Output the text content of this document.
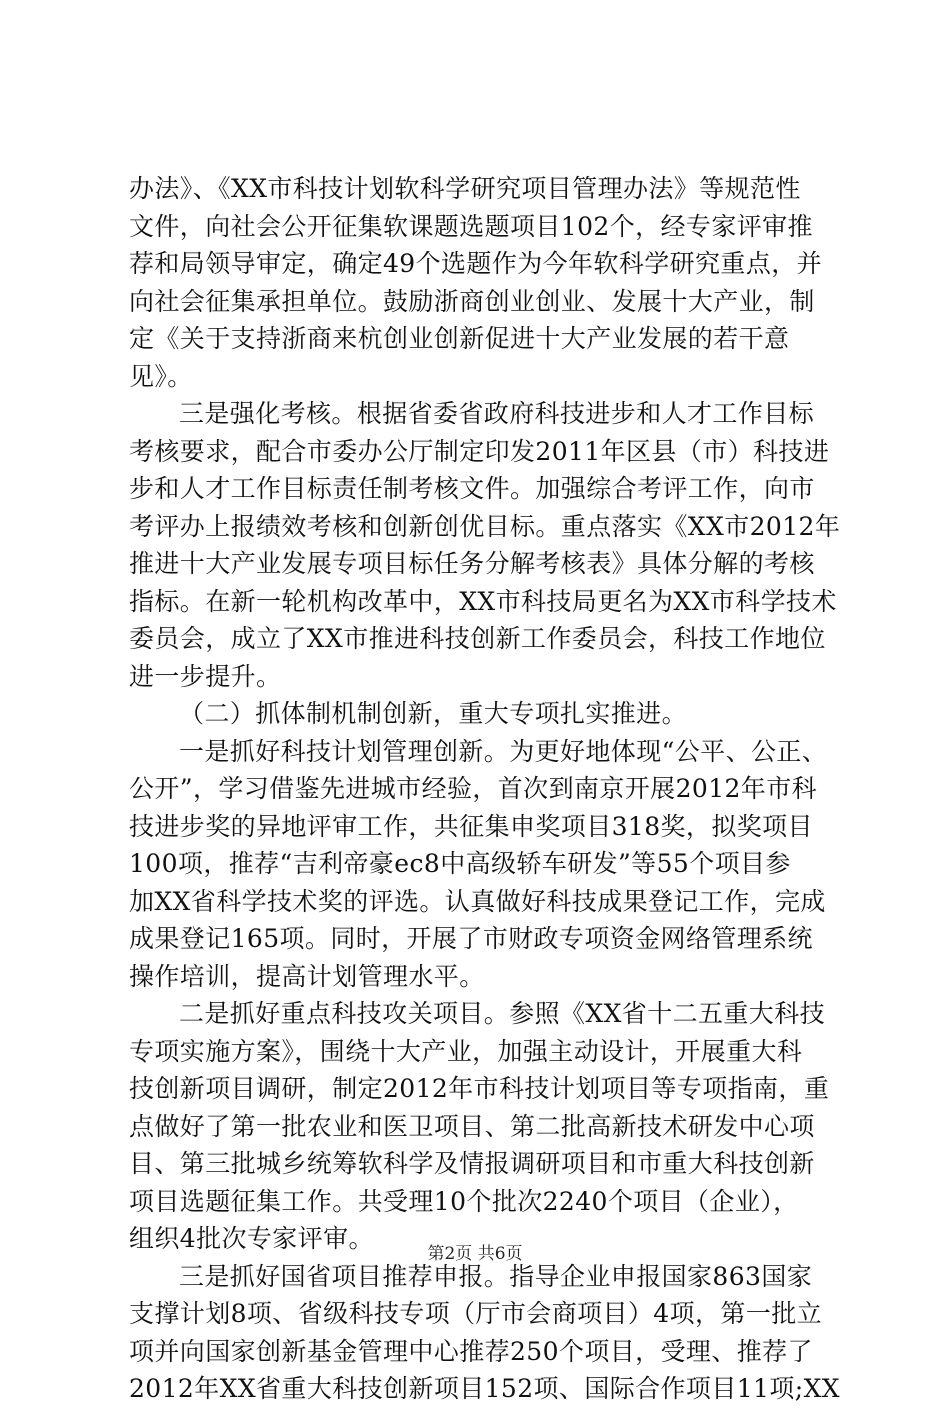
办法》、《XX市科技计划软科学研究项目管理办法》等规范性
文件，向社会公开征集软课题选题项目102个，经专家评审推
荐和局领导审定，确定49个选题作为今年软科学研究重点，并
向社会征集承担单位。鼓励浙商创业创业、发展十大产业，制
定《关于支持浙商来杭创业创新促进十大产业发展的若干意
见》。
三是强化考核。根据省委省政府科技进步和人才工作目标
考核要求，配合市委办公厅制定印发2011年区县（市）科技进
步和人才工作目标责任制考核文件。加强综合考评工作，向市
考评办上报绩效考核和创新创优目标。重点落实《XX市2012年
推进十大产业发展专项目标任务分解考核表》具体分解的考核
指标。在新一轮机构改革中，XX市科技局更名为XX市科学技术
委员会，成立了XX市推进科技创新工作委员会，科技工作地位
进一步提升。
（二）抓体制机制创新，重大专项扎实推进。
一是抓好科技计划管理创新。为更好地体现“公平、公正、
公开”，学习借鉴先进城市经验，首次到南京开展2012年市科
技进步奖的异地评审工作，共征集申奖项目318奖，拟奖项目
100项，推荐“吉利帝豪ec8中高级轿车研发”等55个项目参
加XX省科学技术奖的评选。认真做好科技成果登记工作，完成
成果登记165项。同时，开展了市财政专项资金网络管理系统
操作培训，提高计划管理水平。
二是抓好重点科技攻关项目。参照《XX省十二五重大科技
专项实施方案》，围绕十大产业，加强主动设计，开展重大科
技创新项目调研，制定2012年市科技计划项目等专项指南，重
点做好了第一批农业和医卫项目、第二批高新技术研发中心项
目、第三批城乡统筹软科学及情报调研项目和市重大科技创新
项目选题征集工作。共受理10个批次2240个项目（企业），
组织4批次专家评审。
三是抓好国省项目推荐申报。指导企业申报国家863国家
支撑计划8项、省级科技专项（厅市会商项目）4项，第一批立
项并向国家创新基金管理中心推荐250个项目，受理、推荐了
2012年XX省重大科技创新项目152项、国际合作项目11项;XX
第2页 共6页
